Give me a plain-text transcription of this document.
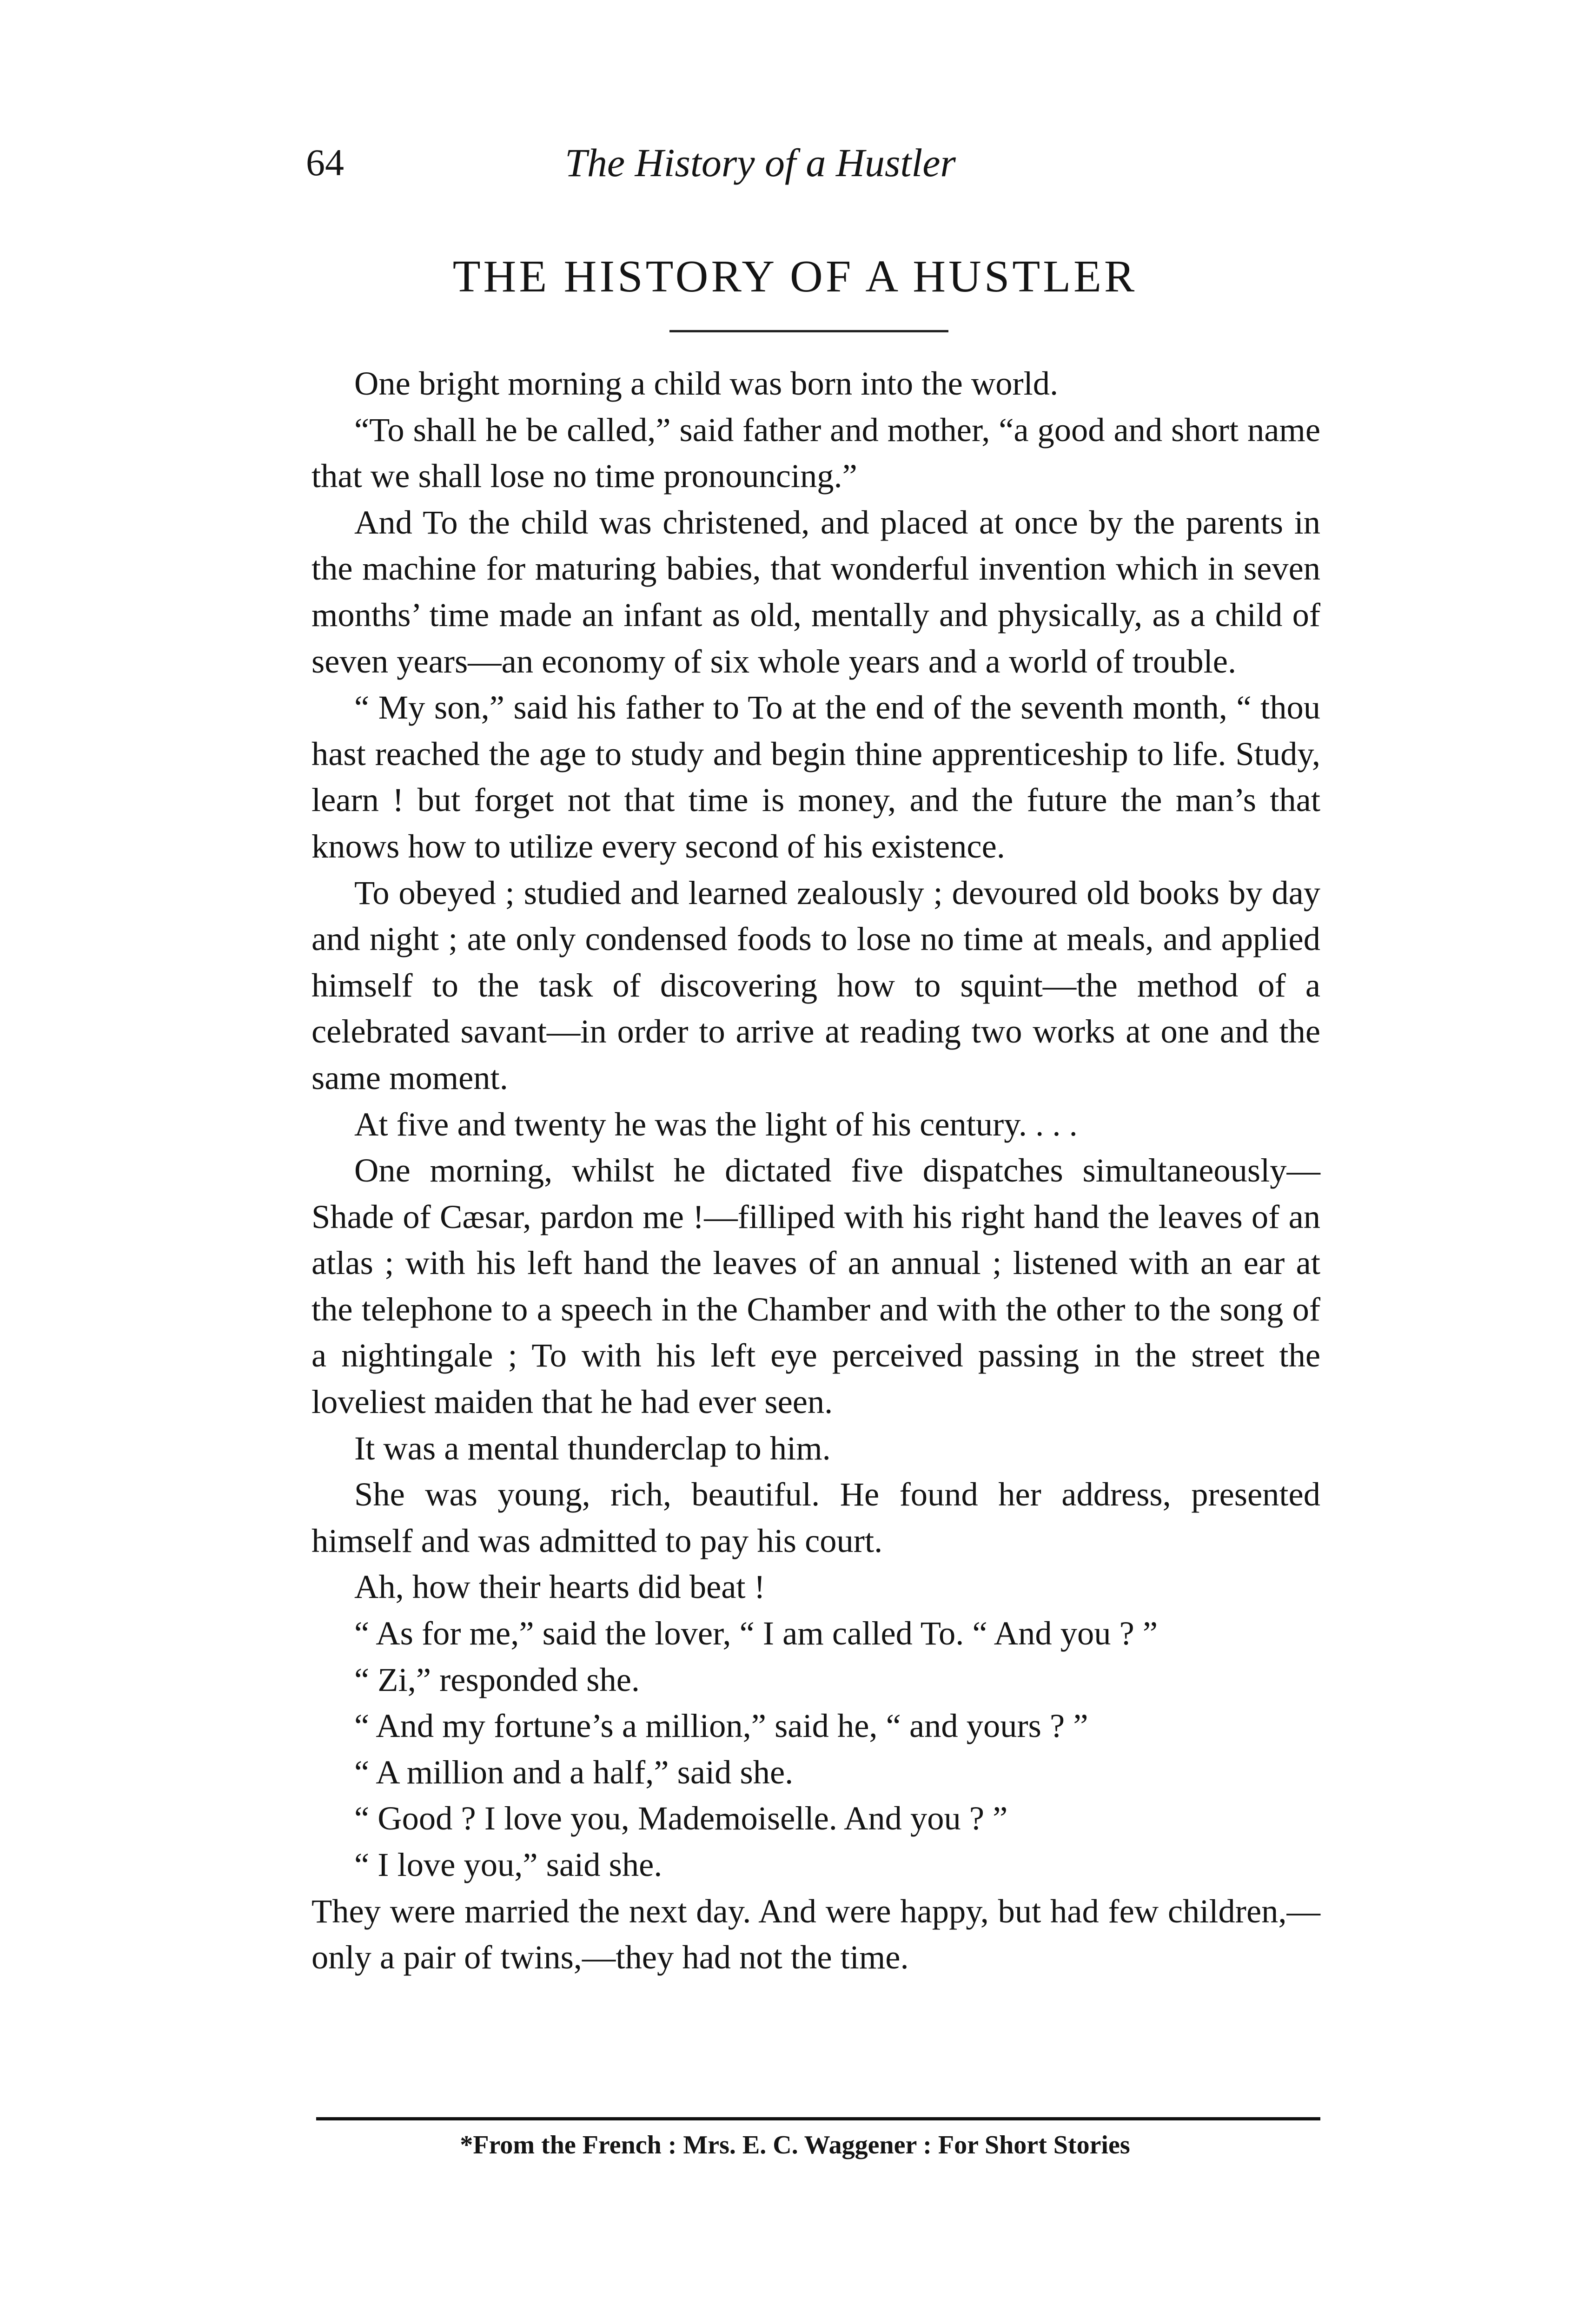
64	The History of a Hustler
THE HISTORY OF A HUSTLER

One bright morning a child was born into the world.

“To shall he be called,” said father and mother, “a good and short name that we shall lose no time pronouncing.”

And To the child was christened, and placed at once by the parents in the machine for maturing babies, that wonderful invention which in seven months’ time made an infant as old, mentally and physically, as a child of seven years—an economy of six whole years and a world of trouble.

“ My son,” said his father to To at the end of the seventh month, “ thou hast reached the age to study and begin thine apprenticeship to life. Study, learn ! but forget not that time is money, and the future the man’s that knows how to utilize every second of his existence.

To obeyed ; studied and learned zealously ; devoured old books by day and night ; ate only condensed foods to lose no time at meals, and applied himself to the task of discovering how to squint—the method of a celebrated savant—in order to arrive at reading two works at one and the same moment.

At five and twenty he was the light of his century. . . .

One morning, whilst he dictated five dispatches simultaneously—Shade of Cæsar, pardon me !—filliped with his right hand the leaves of an atlas ; with his left hand the leaves of an annual ; listened with an ear at the telephone to a speech in the Chamber and with the other to the song of a nightingale ; To with his left eye perceived passing in the street the loveliest maiden that he had ever seen.

It was a mental thunderclap to him.

She was young, rich, beautiful. He found her address, presented himself and was admitted to pay his court.

Ah, how their hearts did beat !

“ As for me,” said the lover, “ I am called To. “ And you ? ”

“ Zi,” responded she.

“ And my fortune’s a million,” said he, “ and yours ? ”

“ A million and a half,” said she.

“ Good ? I love you, Mademoiselle. And you ? ”

“ I love you,” said she.

They were married the next day. And were happy, but had few children,—only a pair of twins,—they had not the time.

*From the French : Mrs. E. C. Waggener : For Short Stories
